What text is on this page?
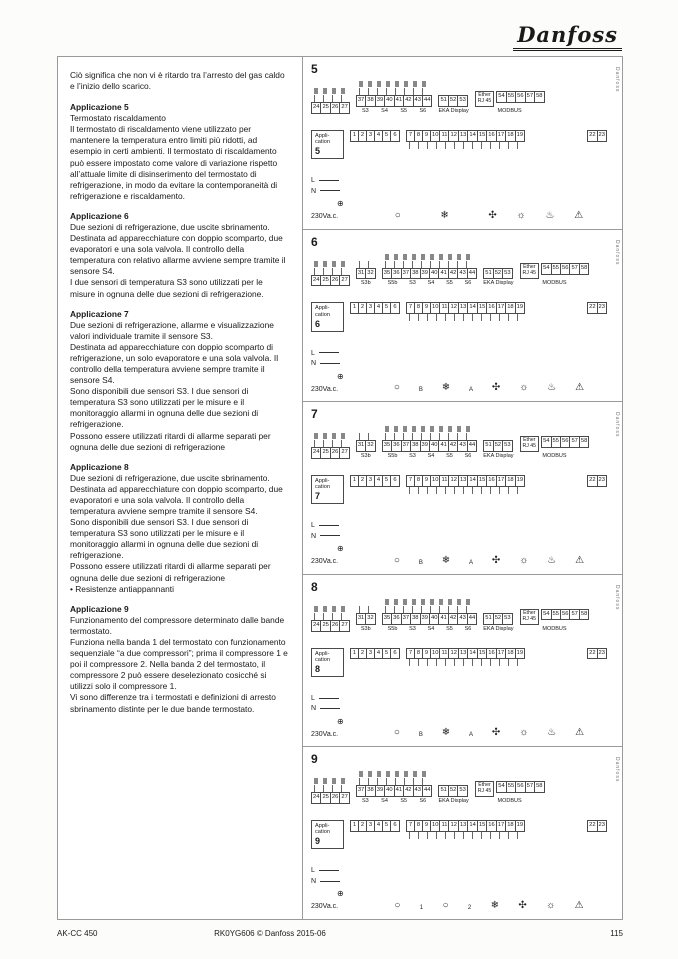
Danfoss

Ciò significa che non vi è ritardo tra l’arresto del gas caldo e l’inizio dello scarico.

Applicazione 5
Termostato riscaldamento
Il termostato di riscaldamento viene utilizzato per mantenere la temperatura entro limiti più ridotti, ad esempio in certi ambienti. Il termostato di riscaldamento può essere impostato come valore di variazione rispetto all’attuale limite di disinserimento del termostato di refrigerazione, in modo da evitare la contemporaneità di refrigerazione e riscaldamento.
Applicazione 6
Due sezioni di refrigerazione, due uscite sbrinamento.
Destinata ad apparecchiature con doppio scomparto, due evaporatori e una sola valvola. Il controllo della temperatura con relativo allarme avviene sempre tramite il sensore S4.
I due sensori di temperatura S3 sono utilizzati per le misure in ognuna delle due sezioni di refrigerazione.
Applicazione 7
Due sezioni di refrigerazione, allarme e visualizzazione valori individuale tramite il sensore S3.
Destinata ad apparecchiature con doppio scomparto di refrigerazione, un solo evaporatore e una sola valvola. Il controllo della temperatura avviene sempre tramite il sensore S4.
Sono disponibili due sensori S3. I due sensori di temperatura S3 sono utilizzati per le misure e il monitoraggio allarmi in ognuna delle due sezioni di refrigerazione.
Possono essere utilizzati ritardi di allarme separati per ognuna delle due sezioni di refrigerazione
Applicazione 8
Due sezioni di refrigerazione, due uscite sbrinamento.
Destinata ad apparecchiature con doppio scomparto, due evaporatori e una sola valvola. Il controllo della temperatura avviene sempre tramite il sensore S4.
Sono disponibili due sensori S3. I due sensori di temperatura S3 sono utilizzati per le misure e il monitoraggio allarmi in ognuna delle due sezioni di refrigerazione.
Possono essere utilizzati ritardi di allarme separati per ognuna delle due sezioni di refrigerazione
• Resistenze antiappannanti
Applicazione 9
Funzionamento del compressore determinato dalle bande termostato.
Funziona nella banda 1 del termostato con funzionamento sequenziale “a due compressori”; prima il compressore 1 e poi il compressore 2. Nella banda 2 del termostato, il compressore 2 può essere deselezionato cosicché si utilizzi solo il compressore 1.
Vi sono differenze tra i termostati e definizioni di arresto sbrinamento distinte per le due bande termostato.
5	Danfoss
24 25 26 27
37 38 39 40 41 42 43 44
S3 S4 S5 S6
51 52 53
EKA Display
Ether
RJ 45
54 55 56 57 58
MODBUS
Appli-cation
5
1 2 3 4 5 6	7 8 9 10 11 12 13 14 15 16 17 18 19	22 23
L
N
⊕
230Va.c.	○	❄	✣ ☼ ♨ ⚠
6	Danfoss
24 25 26 27
31 32
S3b
35 36 37 38 39 40 41 42 43 44
S5b S3 S4 S5 S6
51 52 53
EKA Display
Ether
RJ 45
54 55 56 57 58
MODBUS
Appli-cation
6
1 2 3 4 5 6	7 8 9 10 11 12 13 14 15 16 17 18 19	22 23
L
N
⊕
230Va.c.	○	B ❄	A ✣ ☼ ♨ ⚠
7	Danfoss
24 25 26 27
31 32
S3b
35 36 37 38 39 40 41 42 43 44
S5b S3 S4 S5 S6
51 52 53
EKA Display
Ether
RJ 45
54 55 56 57 58
MODBUS
Appli-cation
7
1 2 3 4 5 6	7 8 9 10 11 12 13 14 15 16 17 18 19	22 23
L
N
⊕
230Va.c.	○	B ❄	A ✣ ☼ ♨ ⚠
8	Danfoss
24 25 26 27
31 32
S3b
35 36 37 38 39 40 41 42 43 44
S5b S3 S4 S5 S6
51 52 53
EKA Display
Ether
RJ 45
54 55 56 57 58
MODBUS
Appli-cation
8
1 2 3 4 5 6	7 8 9 10 11 12 13 14 15 16 17 18 19	22 23
L
N
⊕
230Va.c.	○	B ❄	A ✣ ☼ ♨ ⚠
9	Danfoss
24 25 26 27
37 38 39 40 41 42 43 44
S3 S4 S5 S6
51 52 53
EKA Display
Ether
RJ 45
54 55 56 57 58
MODBUS
Appli-cation
9
1 2 3 4 5 6	7 8 9 10 11 12 13 14 15 16 17 18 19	22 23
L
N
⊕
230Va.c.	○	1 ○	2 ❄ ✣ ☼ ⚠
AK-CC 450	RK0YG606 © Danfoss 2015-06	115
